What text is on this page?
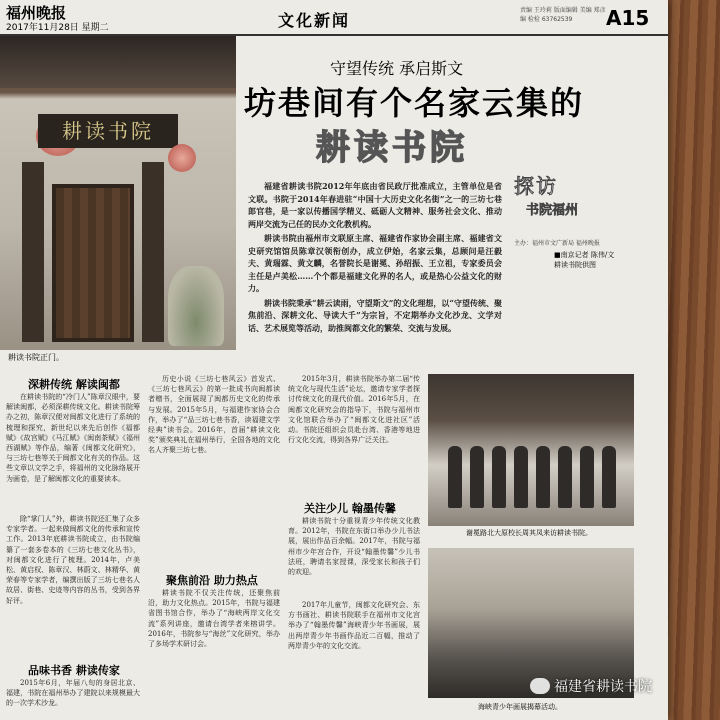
福州晚报
2017年11月28日 星期二	文化新闻
责编 王玲莉 版面编辑 美编 郑彦编 检检 63762539	A15
耕读书院
耕读书院正门。
守望传统 承启斯文
坊巷间有个名家云集的
耕读书院

福建省耕读书院2012年年底由省民政厅批准成立，主管单位是省文联。书院于2014年春进驻“中国十大历史文化名街”之一的三坊七巷郎官巷，是一家以传播国学精义、砥砺人文精神、服务社会文化、推动两岸交流为己任的民办文化教机构。

耕读书院由福州市文联原主席、福建省作家协会副主席、福建省文史研究馆馆员陈章汉领衔创办，成立伊始，名家云集，总顾问是汪毅夫、黄瑞霖、黄文麟，名誉院长是谢冕、孙绍振、王立祖，专家委员会主任是卢美松……个个都是福建文化界的名人，或是热心公益文化的财力。

耕读书院秉承“耕云读雨，守望斯文”的文化理想，以“守望传统、聚焦前沿、深耕文化、导读大千”为宗旨，不定期举办文化沙龙、文学对话、艺术展览等活动，助推闽都文化的繁荣、交流与发展。

探访
书院福州
主办：福州市文广新局 福州晚报
■南京记者 陈伟/文
耕读书院供图
深耕传统 解读闽都

在耕读书院的“冷门人”陈章汉眼中，要解读闽都，必须深耕传统文化。耕读书院筹办之初，陈章汉便对闽都文化进行了系统的梳理和探究，新世纪以来先后创作《福都赋》《故宫赋》《马江赋》《闽南茶赋》《福州西湖赋》等作品，编著《闽都文化研究》，与三坊七巷等关于闽都文化有关的作品。这些文章以文学之手，将福州的文化脉络展开为画卷，是了解闽都文化的重要读本。

除“掌门人”外，耕读书院还汇集了众多专家学者。一起来做闽都文化的传承和宣传工作。2013年底耕读书院成立，由书院编纂了一套多卷本的《三坊七巷文化丛书》，对闽都文化进行了梳理。2014年，卢美松、黄启权、陈章汉、林蔚文、林精华、黄荣春等专家学者，编撰出版了三坊七巷名人故居、街巷、史迹等内容的丛书，受到各界好评。

品味书香 耕读传家

2015年6月，年届八旬的身居北京、福建，书院在福州举办了建院以来规模最大的一次学术沙龙。

历史小说《三坊七巷风云》首发式、《三坊七巷风云》的第一批成书向闽都读者赠书，全面展现了闽都历史文化的传承与发展。2015年5月，与福建作家协会合作，举办了“品三坊七巷书香，读福建文学经典”读书会。2016年，首届“耕读文化奖”颁奖典礼在福州举行，全国各地的文化名人齐聚三坊七巷。

聚焦前沿 助力热点

耕读书院不仅关注传统，还聚焦前沿，助力文化热点。2015年，书院与福建省图书馆合作，举办了“海峡两岸文化交流”系列讲座，邀请台湾学者来榕讲学。2016年，书院参与“海丝”文化研究，举办了多场学术研讨会。

2015年3月，耕读书院举办第二届“传统文化与现代生活”论坛，邀请专家学者探讨传统文化的现代价值。2016年5月，在闽都文化研究会的指导下，书院与福州市文化馆联合举办了“闽都文化进社区”活动。书院还组织会员赴台湾、香港等地进行文化交流，得到各界广泛关注。

关注少儿 翰墨传馨

耕读书院十分重视青少年传统文化教育。2012年，书院在东街口举办少儿书法展，展出作品百余幅。2017年，书院与福州市少年宫合作，开设“翰墨传馨”少儿书法班，聘请名家授课，深受家长和孩子们的欢迎。

2017年儿童节，闽都文化研究会、东方书画社、耕读书院联手在福州市文化宫举办了“翰墨传馨”海峡青少年书画展，展出两岸青少年书画作品近二百幅，推动了两岸青少年的文化交流。

谢冕路北大原校长周其凤来访耕读书院。
海峡青少年画展揭幕活动。
福建省耕读书院
